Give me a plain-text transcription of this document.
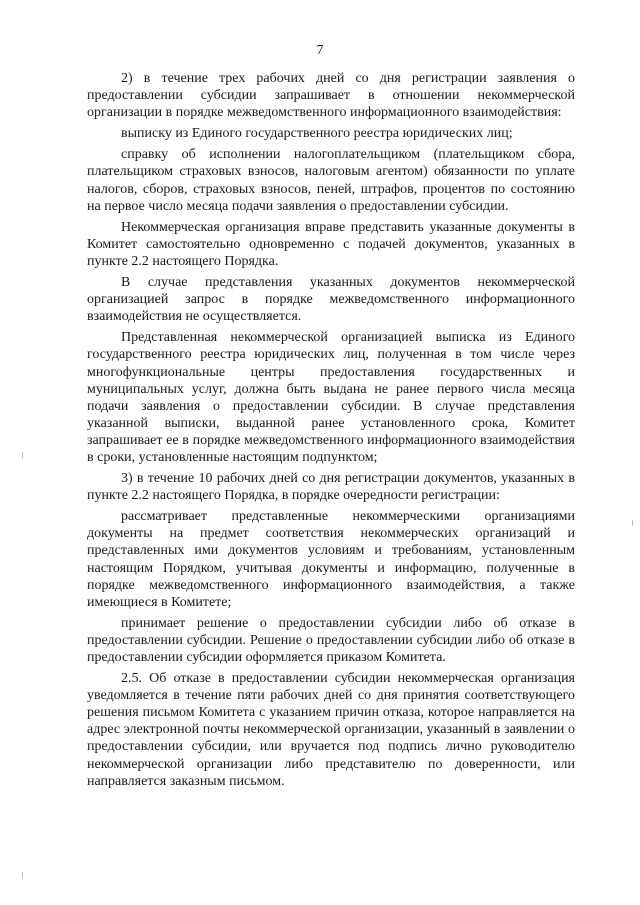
7

2) в течение трех рабочих дней со дня регистрации заявления о предоставлении субсидии запрашивает в отношении некоммерческой организации в порядке межведомственного информационного взаимодействия:

выписку из Единого государственного реестра юридических лиц;

справку об исполнении налогоплательщиком (плательщиком сбора, плательщиком страховых взносов, налоговым агентом) обязанности по уплате налогов, сборов, страховых взносов, пеней, штрафов, процентов по состоянию на первое число месяца подачи заявления о предоставлении субсидии.

Некоммерческая организация вправе представить указанные документы в Комитет самостоятельно одновременно с подачей документов, указанных в пункте 2.2 настоящего Порядка.

В случае представления указанных документов некоммерческой организацией запрос в порядке межведомственного информационного взаимодействия не осуществляется.

Представленная некоммерческой организацией выписка из Единого государственного реестра юридических лиц, полученная в том числе через многофункциональные центры предоставления государственных и муниципальных услуг, должна быть выдана не ранее первого числа месяца подачи заявления о предоставлении субсидии. В случае представления указанной выписки, выданной ранее установленного срока, Комитет запрашивает ее в порядке межведомственного информационного взаимодействия в сроки, установленные настоящим подпунктом;

3) в течение 10 рабочих дней со дня регистрации документов, указанных в пункте 2.2 настоящего Порядка, в порядке очередности регистрации:

рассматривает представленные некоммерческими организациями документы на предмет соответствия некоммерческих организаций и представленных ими документов условиям и требованиям, установленным настоящим Порядком, учитывая документы и информацию, полученные в порядке межведомственного информационного взаимодействия, а также имеющиеся в Комитете;

принимает решение о предоставлении субсидии либо об отказе в предоставлении субсидии. Решение о предоставлении субсидии либо об отказе в предоставлении субсидии оформляется приказом Комитета.

2.5. Об отказе в предоставлении субсидии некоммерческая организация уведомляется в течение пяти рабочих дней со дня принятия соответствующего решения письмом Комитета с указанием причин отказа, которое направляется на адрес электронной почты некоммерческой организации, указанный в заявлении о предоставлении субсидии, или вручается под подпись лично руководителю некоммерческой организации либо представителю по доверенности, или направляется заказным письмом.
